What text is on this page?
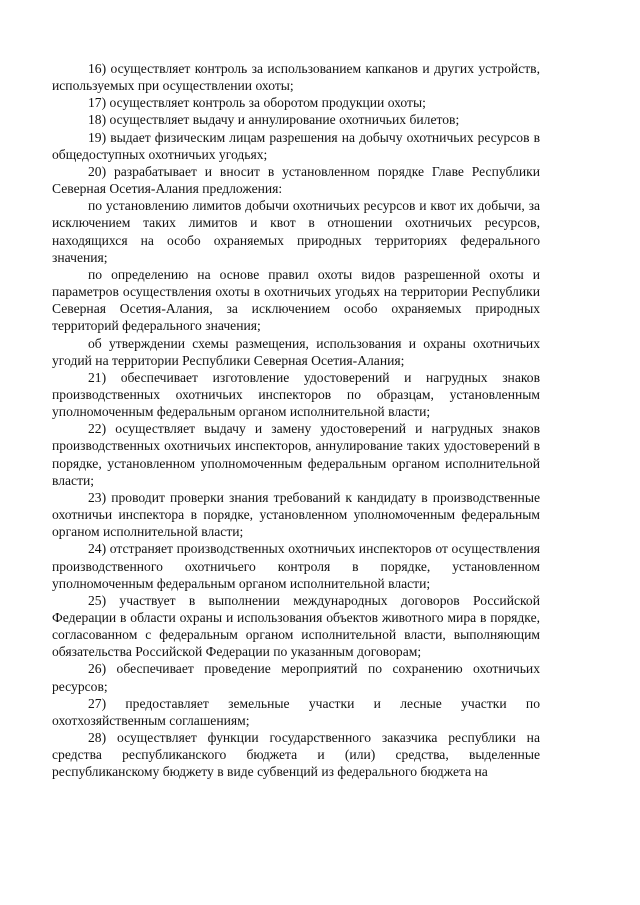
16) осуществляет контроль за использованием капканов и других устройств, используемых при осуществлении охоты;

17) осуществляет контроль за оборотом продукции охоты;

18) осуществляет выдачу и аннулирование охотничьих билетов;

19) выдает физическим лицам разрешения на добычу охотничьих ресурсов в общедоступных охотничьих угодьях;

20) разрабатывает и вносит в установленном порядке Главе Республики Северная Осетия-Алания предложения:

по установлению лимитов добычи охотничьих ресурсов и квот их добычи, за исключением таких лимитов и квот в отношении охотничьих ресурсов, находящихся на особо охраняемых природных территориях федерального значения;

по определению на основе правил охоты видов разрешенной охоты и параметров осуществления охоты в охотничьих угодьях на территории Республики Северная Осетия-Алания, за исключением особо охраняемых природных территорий федерального значения;

об утверждении схемы размещения, использования и охраны охотничьих угодий на территории Республики Северная Осетия-Алания;

21) обеспечивает изготовление удостоверений и нагрудных знаков производственных охотничьих инспекторов по образцам, установленным уполномоченным федеральным органом исполнительной власти;

22) осуществляет выдачу и замену удостоверений и нагрудных знаков производственных охотничьих инспекторов, аннулирование таких удостоверений в порядке, установленном уполномоченным федеральным органом исполнительной власти;

23) проводит проверки знания требований к кандидату в производственные охотничьи инспектора в порядке, установленном уполномоченным федеральным органом исполнительной власти;

24) отстраняет производственных охотничьих инспекторов от осуществления производственного охотничьего контроля в порядке, установленном уполномоченным федеральным органом исполнительной власти;

25) участвует в выполнении международных договоров Российской Федерации в области охраны и использования объектов животного мира в порядке, согласованном с федеральным органом исполнительной власти, выполняющим обязательства Российской Федерации по указанным договорам;

26) обеспечивает проведение мероприятий по сохранению охотничьих ресурсов;

27) предоставляет земельные участки и лесные участки по охотхозяйственным соглашениям;

28) осуществляет функции государственного заказчика республики на средства республиканского бюджета и (или) средства, выделенные республиканскому бюджету в виде субвенций из федерального бюджета на
